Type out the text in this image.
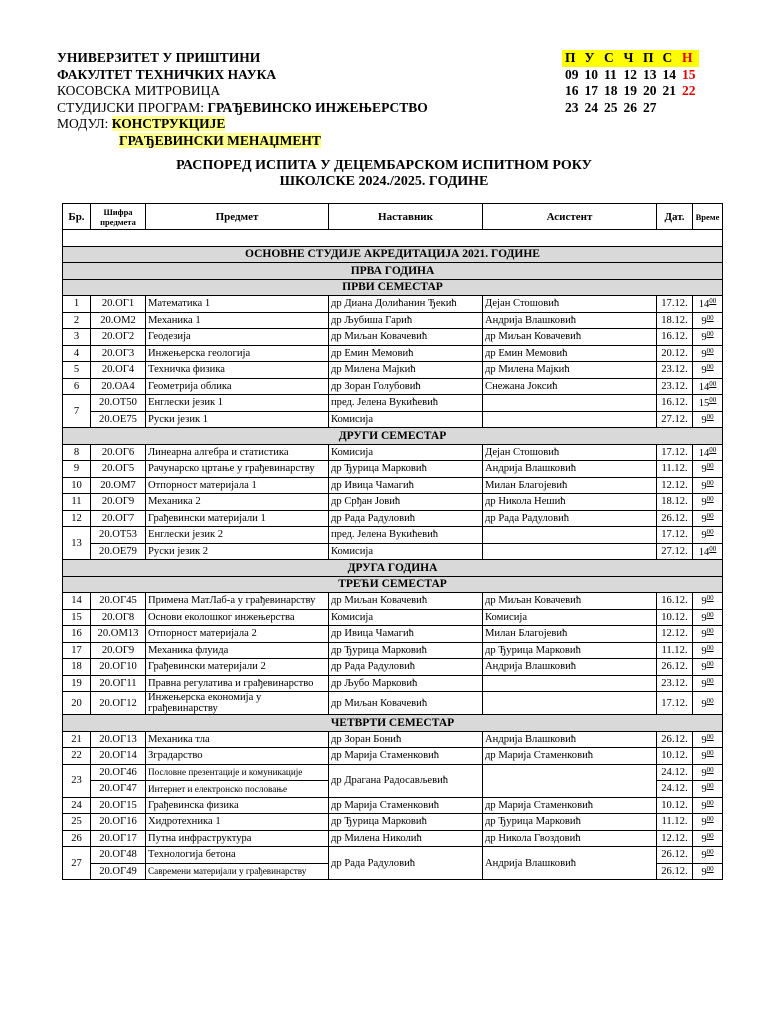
УНИВЕРЗИТЕТ У ПРИШТИНИ
ФАКУЛТЕТ ТЕХНИЧКИХ НАУКА
КОСОВСКА МИТРОВИЦА
СТУДИЈСКИ ПРОГРАМ: ГРАЂЕВИНСКО ИНЖЕЊЕРСТВО
МОДУЛ: КОНСТРУКЦИЈЕ
ГРАЂЕВИНСКИ МЕНАЏМЕНТ
П	У	С	Ч	П	С	Н
09	10	11	12	13	14	15
16	17	18	19	20	21	22
23	24	25	26	27		
РАСПОРЕД ИСПИТА У ДЕЦЕМБАРСКОМ ИСПИТНОМ РОКУ
ШКОЛСКЕ 2024./2025. ГОДИНЕ
Бр.	Шифра предмета	Предмет	Наставник	Асистент	Дат.	Време

ОСНОВНЕ СТУДИЈЕ АКРЕДИТАЦИЈА 2021. ГОДИНЕ						
ПРВА ГОДИНА						
ПРВИ СЕМЕСТАР						
1	20.ОГ1	Математика 1	др Диана Долићанин Ђекић	Дејан Стошовић	17.12.	$14^{00}$
2	20.ОМ2	Механика 1	др Љубиша Гарић	Андрија Влашковић	18.12.	$9^{00}$
3	20.ОГ2	Геодезија	др Миљан Ковачевић	др Миљан Ковачевић	16.12.	$9^{00}$
4	20.ОГ3	Инжењерска геологија	др Емин Мемовић	др Емин Мемовић	20.12.	$9^{00}$
5	20.ОГ4	Техничка физика	др Милена Мајкић	др Милена Мајкић	23.12.	$9^{00}$
6	20.ОА4	Геометрија облика	др Зоран Голубовић	Снежана Јоксић	23.12.	$14^{00}$
7	20.ОТ50	Енглески језик 1	пред. Јелена Вукићевић		16.12.	$15^{00}$
	20.ОЕ75	Руски језик 1	Комисија		27.12.	$9^{00}$
ДРУГИ СЕМЕСТАР						
8	20.ОГ6	Линеарна алгебра и статистика	Комисија	Дејан Стошовић	17.12.	$14^{00}$
9	20.ОГ5	Рачунарско цртање у грађевинарству	др Ђурица Марковић	Андрија Влашковић	11.12.	$9^{00}$
10	20.ОМ7	Отпорност материјала 1	др Ивица Чамагић	Милан Благојевић	12.12.	$9^{00}$
11	20.ОГ9	Механика 2	др Срђан Јовић	др Никола Нешић	18.12.	$9^{00}$
12	20.ОГ7	Грађевински материјали 1	др Рада Радуловић	др Рада Радуловић	26.12.	$9^{00}$
13	20.ОТ53	Енглески језик 2	пред. Јелена Вукићевић		17.12.	$9^{00}$
	20.ОЕ79	Руски језик 2	Комисија		27.12.	$14^{00}$
ДРУГА ГОДИНА						
ТРЕЋИ СЕМЕСТАР						
14	20.ОГ45	Примена МатЛаб-а у грађевинарству	др Миљан Ковачевић	др Миљан Ковачевић	16.12.	$9^{00}$
15	20.ОГ8	Основи еколошког инжењерства	Комисија	Комисија	10.12.	$9^{00}$
16	20.ОМ13	Отпорност материјала 2	др Ивица Чамагић	Милан Благојевић	12.12.	$9^{00}$
17	20.ОГ9	Механика флуида	др Ђурица Марковић	др Ђурица Марковић	11.12.	$9^{00}$
18	20.ОГ10	Грађевински материјали 2	др Рада Радуловић	Андрија Влашковић	26.12.	$9^{00}$
19	20.ОГ11	Правна регулатива и грађевинарство	др Љубо Марковић		23.12.	$9^{00}$
20	20.ОГ12	Инжењерска економија у грађевинарству	др Миљан Ковачевић		17.12.	$9^{00}$
ЧЕТВРТИ СЕМЕСТАР						
21	20.ОГ13	Механика тла	др Зоран Бонић	Андрија Влашковић	26.12.	$9^{00}$
22	20.ОГ14	Зградарство	др Марија Стаменковић	др Марија Стаменковић	10.12.	$9^{00}$
23	20.ОГ46	Пословне презентације и комуникације	др Драгана Радосављевић		24.12.	$9^{00}$
	20.ОГ47	Интернет и електронско пословање			24.12.	$9^{00}$
24	20.ОГ15	Грађевинска физика	др Марија Стаменковић	др Марија Стаменковић	10.12.	$9^{00}$
25	20.ОГ16	Хидротехника 1	др Ђурица Марковић	др Ђурица Марковић	11.12.	$9^{00}$
26	20.ОГ17	Путна инфраструктура	др Милена Николић	др Никола Гвоздовић	12.12.	$9^{00}$
27	20.ОГ48	Технологија бетона	др Рада Радуловић	Андрија Влашковић	26.12.	$9^{00}$
	20.ОГ49	Савремени материјали у грађевинарству			26.12.	$9^{00}$
